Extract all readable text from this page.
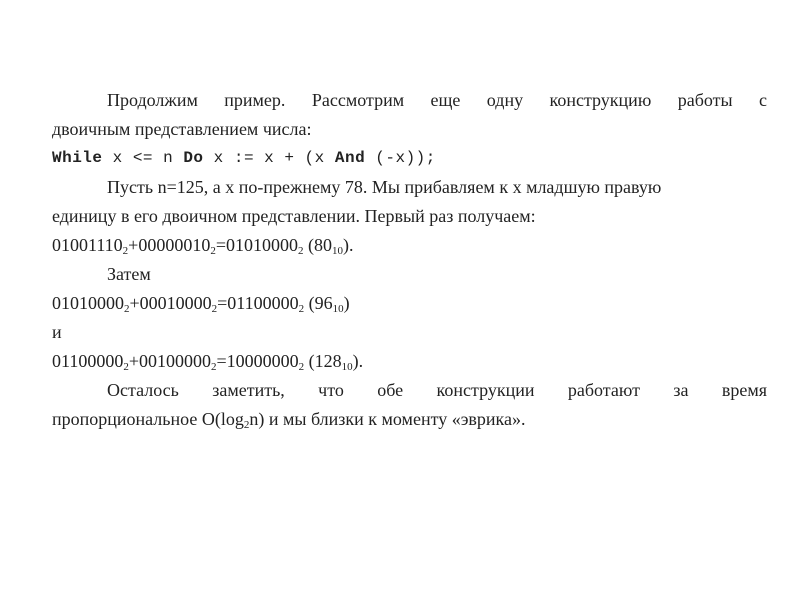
Продолжим пример. Рассмотрим еще одну конструкцию работы с
двоичным представлением числа:
While x <= n Do x := x + (x And (-x));
Пусть n=125, а x по-прежнему 78. Мы прибавляем к x младшую правую
единицу в его двоичном представлении. Первый раз получаем:
$01001110_2+00000010_2=01010000_2$ $(80_{10})$.
Затем
$01010000_2+00010000_2=01100000_2$ $(96_{10})$
и
$01100000_2+00100000_2=10000000_2$ $(128_{10})$.
Осталось заметить, что обе конструкции работают за время
пропорциональное $O(\log_2n)$ и мы близки к моменту «эврика».
